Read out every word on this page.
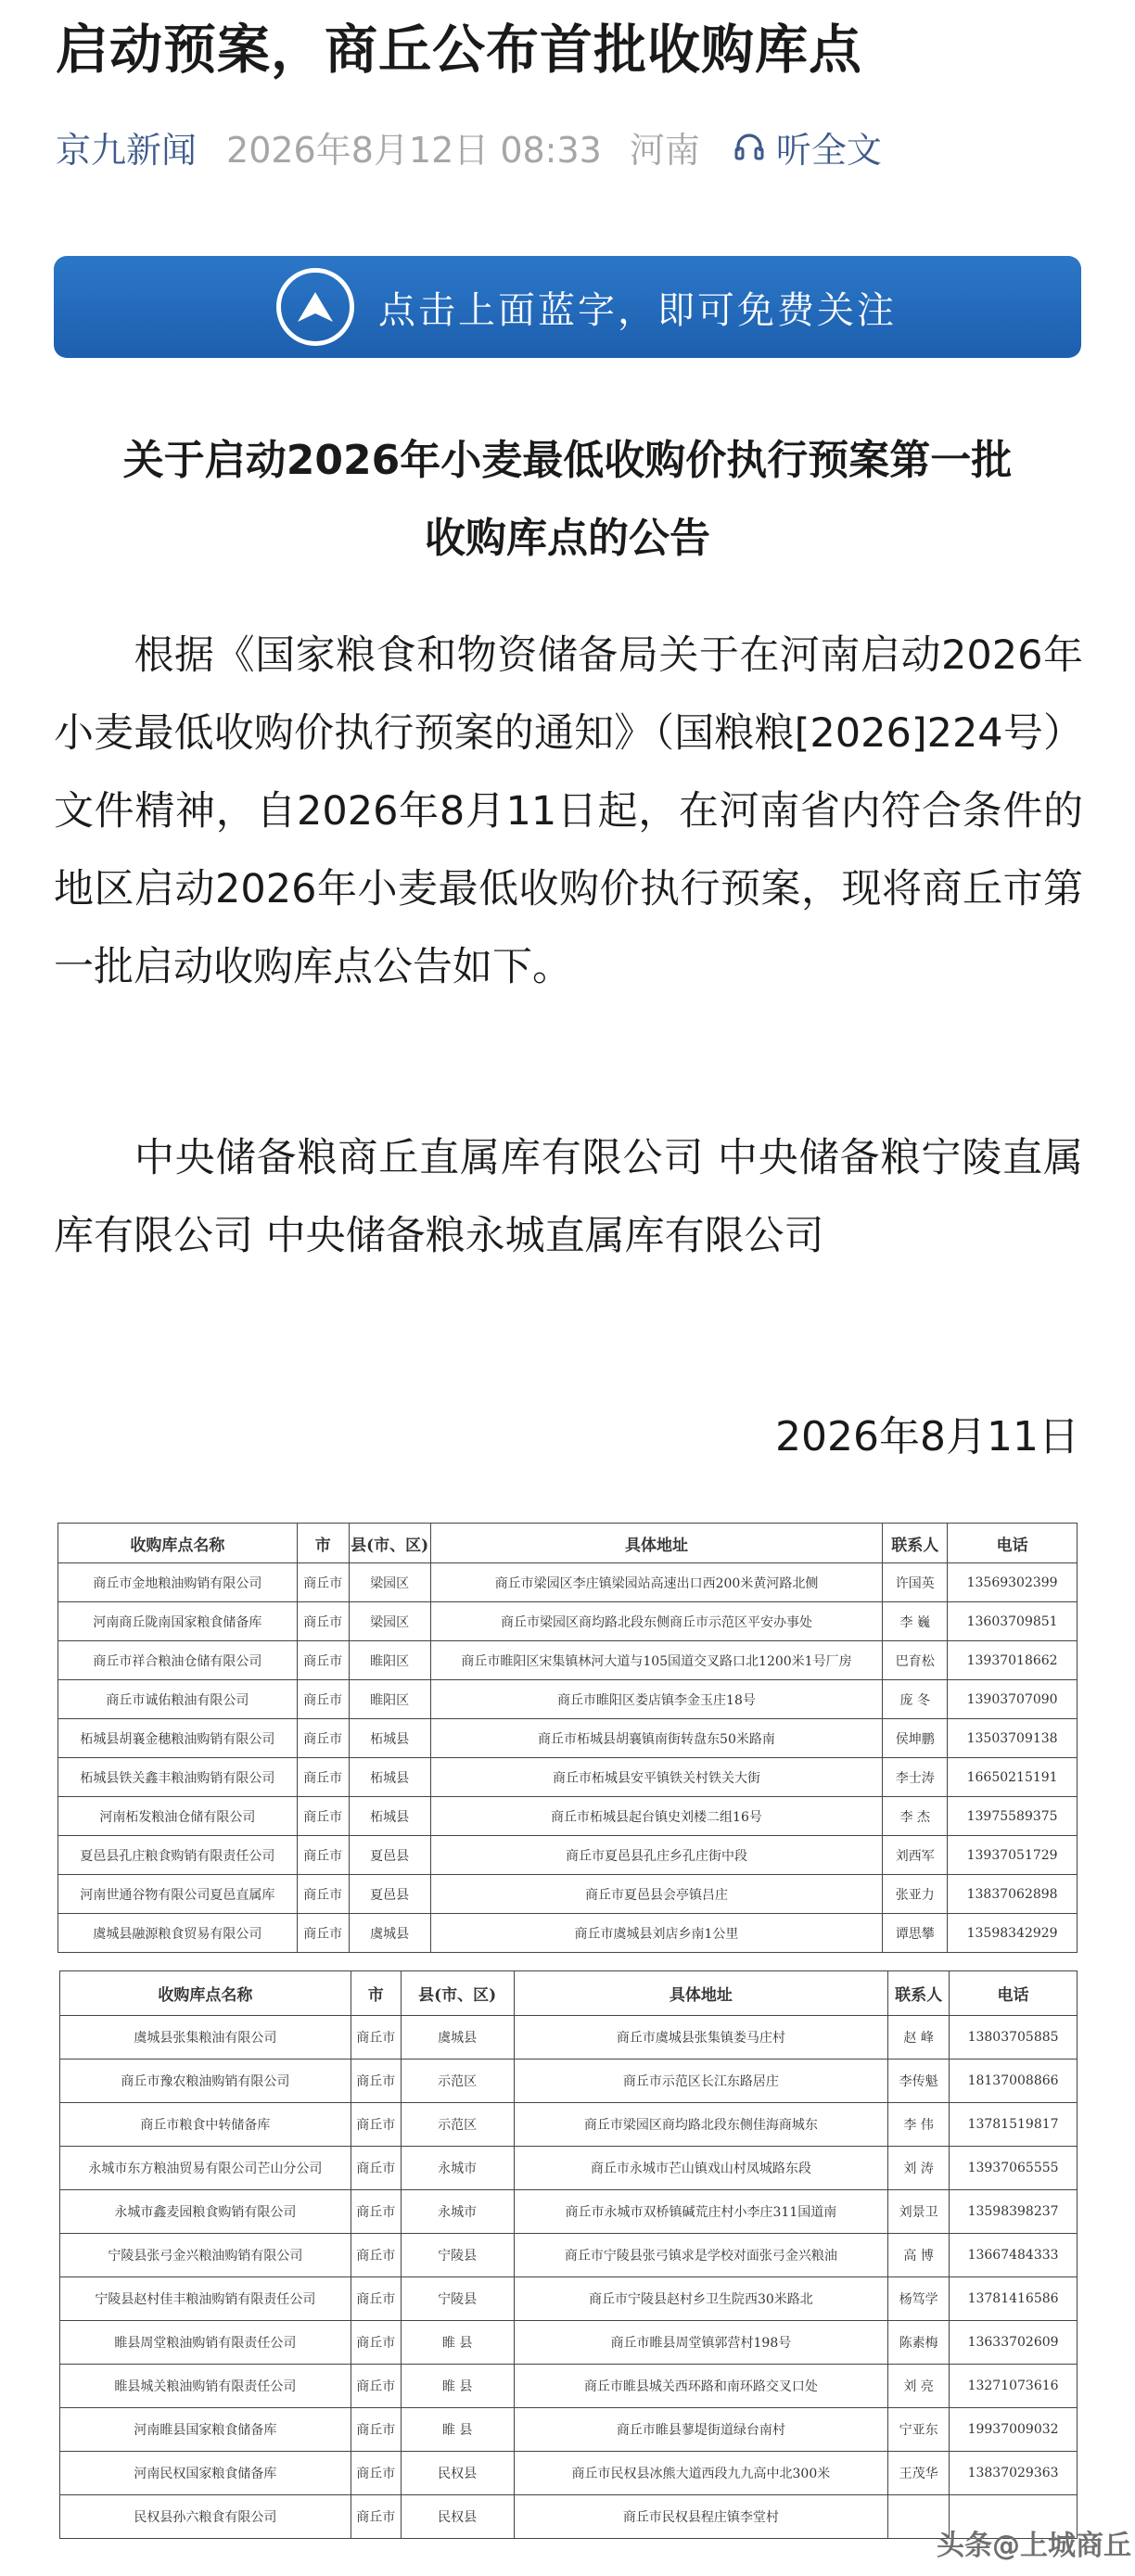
启动预案，商丘公布首批收购库点
京九新闻 2026年8月12日 08:33 河南 听全文
点击上面蓝字，即可免费关注
关于启动2026年小麦最低收购价执行预案第一批
收购库点的公告
根据《国家粮食和物资储备局关于在河南启动2026年小麦最低收购价执行预案的通知》（国粮粮[2026]224号）文件精神，自2026年8月11日起，在河南省内符合条件的地区启动2026年小麦最低收购价执行预案，现将商丘市第一批启动收购库点公告如下。
中央储备粮商丘直属库有限公司 中央储备粮宁陵直属库有限公司 中央储备粮永城直属库有限公司
2026年8月11日
收购库点名称	市	县(市、区)	具体地址	联系人	电话
商丘市金地粮油购销有限公司	商丘市	梁园区	商丘市梁园区李庄镇梁园站高速出口西200米黄河路北侧	许国英	13569302399
河南商丘陇南国家粮食储备库	商丘市	梁园区	商丘市梁园区商均路北段东侧商丘市示范区平安办事处	李 巍	13603709851
商丘市祥合粮油仓储有限公司	商丘市	睢阳区	商丘市睢阳区宋集镇林河大道与105国道交叉路口北1200米1号厂房	巴育松	13937018662
商丘市诚佑粮油有限公司	商丘市	睢阳区	商丘市睢阳区娄店镇李金玉庄18号	庞 冬	13903707090
柘城县胡襄金穗粮油购销有限公司	商丘市	柘城县	商丘市柘城县胡襄镇南街转盘东50米路南	侯坤鹏	13503709138
柘城县铁关鑫丰粮油购销有限公司	商丘市	柘城县	商丘市柘城县安平镇铁关村铁关大街	李士涛	16650215191
河南柘发粮油仓储有限公司	商丘市	柘城县	商丘市柘城县起台镇史刘楼二组16号	李 杰	13975589375
夏邑县孔庄粮食购销有限责任公司	商丘市	夏邑县	商丘市夏邑县孔庄乡孔庄街中段	刘西军	13937051729
河南世通谷物有限公司夏邑直属库	商丘市	夏邑县	商丘市夏邑县会亭镇吕庄	张亚力	13837062898
虞城县融源粮食贸易有限公司	商丘市	虞城县	商丘市虞城县刘店乡南1公里	谭思攀	13598342929
收购库点名称	市	县(市、区)	具体地址	联系人	电话
虞城县张集粮油有限公司	商丘市	虞城县	商丘市虞城县张集镇娄马庄村	赵 峰	13803705885
商丘市豫农粮油购销有限公司	商丘市	示范区	商丘市示范区长江东路居庄	李传魁	18137008866
商丘市粮食中转储备库	商丘市	示范区	商丘市梁园区商均路北段东侧佳海商城东	李 伟	13781519817
永城市东方粮油贸易有限公司芒山分公司	商丘市	永城市	商丘市永城市芒山镇戏山村凤城路东段	刘 涛	13937065555
永城市鑫麦园粮食购销有限公司	商丘市	永城市	商丘市永城市双桥镇碱荒庄村小李庄311国道南	刘景卫	13598398237
宁陵县张弓金兴粮油购销有限公司	商丘市	宁陵县	商丘市宁陵县张弓镇求是学校对面张弓金兴粮油	高 博	13667484333
宁陵县赵村佳丰粮油购销有限责任公司	商丘市	宁陵县	商丘市宁陵县赵村乡卫生院西30米路北	杨笃学	13781416586
睢县周堂粮油购销有限责任公司	商丘市	睢 县	商丘市睢县周堂镇郭营村198号	陈素梅	13633702609
睢县城关粮油购销有限责任公司	商丘市	睢 县	商丘市睢县城关西环路和南环路交叉口处	刘 亮	13271073616
河南睢县国家粮食储备库	商丘市	睢 县	商丘市睢县蓼堤街道绿台南村	宁亚东	19937009032
河南民权国家粮食储备库	商丘市	民权县	商丘市民权县冰熊大道西段九九高中北300米	王茂华	13837029363
民权县孙六粮食有限公司	商丘市	民权县	商丘市民权县程庄镇李堂村		
头条@上城商丘
